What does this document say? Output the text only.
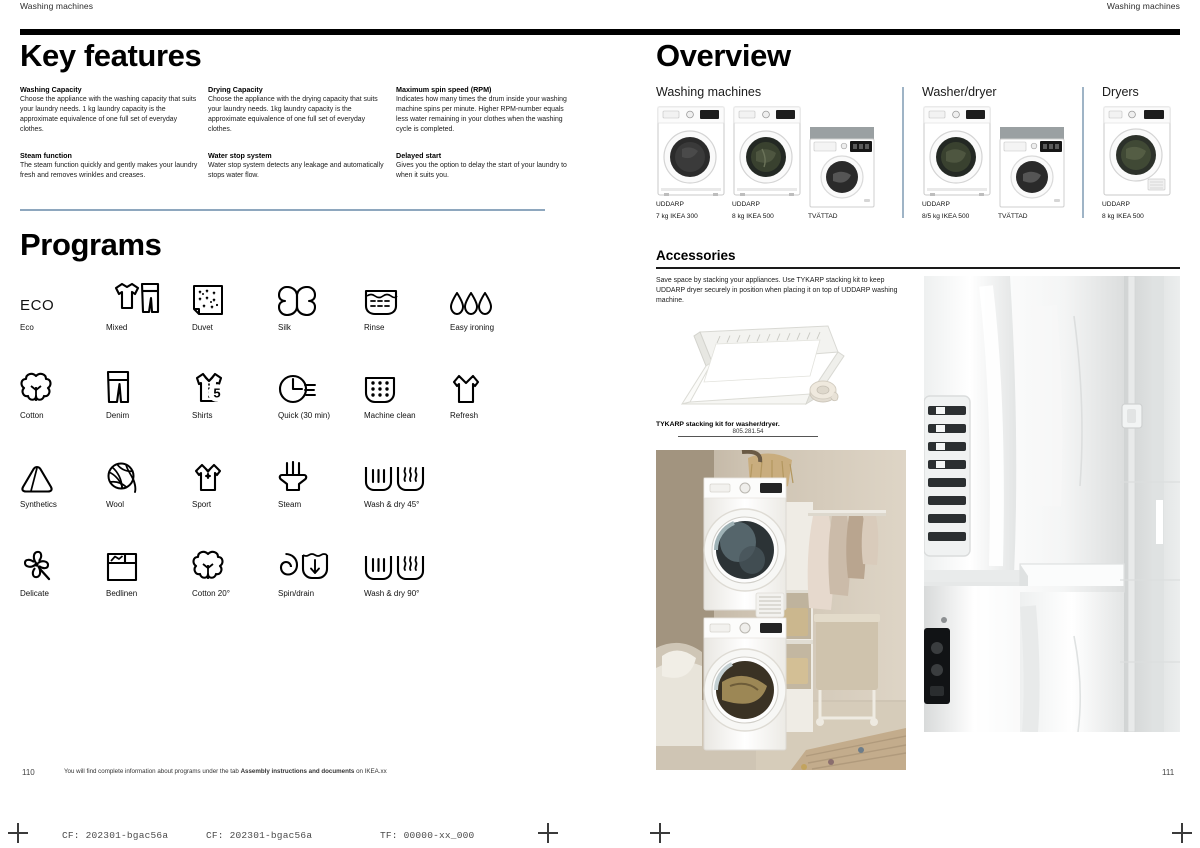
Washing machines	Washing machines
Key features
Washing Capacity

Choose the appliance with the washing capacity that suits your laundry needs. 1 kg laundry capacity is the approximate equivalence of one full set of everyday clothes.

Drying Capacity

Choose the appliance with the drying capacity that suits your laundry needs. 1kg laundry capacity is the approximate equivalence of one full set of everyday clothes.

Maximum spin speed (RPM)

Indicates how many times the drum inside your washing machine spins per minute. Higher RPM-number equals less water remaining in your clothes when the washing cycle is completed.

Steam function

The steam function quickly and gently makes your laundry fresh and removes wrinkles and creases.

Water stop system

Water stop system detects any leakage and automatically stops water flow.

Delayed start

Gives you the option to delay the start of your laundry to when it suits you.

Programs
ECO
Eco	Mixed	Duvet	Silk	Rinse	Easy ironing
Cotton	Denim
5
Shirts	Quick (30 min)	Machine clean	Refresh
Synthetics	Wool	Sport	Steam	Wash & dry 45°
Delicate	Bedlinen	Cotton 20°	Spin/drain	Wash & dry 90°
Overview
Washing machines
UDDARP
7 kg IKEA 300
UDDARP
8 kg IKEA 500	TVÄTTAD
Washer/dryer
UDDARP
8/5 kg IKEA 500	TVÄTTAD
Dryers
UDDARP
8 kg IKEA 500
Accessories

Save space by stacking your appliances. Use TYKARP stacking kit to keep UDDARP dryer securely in position when placing it on top of UDDARP washing machine.

TYKARP stacking kit for washer/dryer.
805.281.54
110	111
You will find complete information about programs under the tab Assembly instructions and documents on IKEA.xx
CF: 202301-bgac56a	CF: 202301-bgac56a	TF: 00000-xx_000
